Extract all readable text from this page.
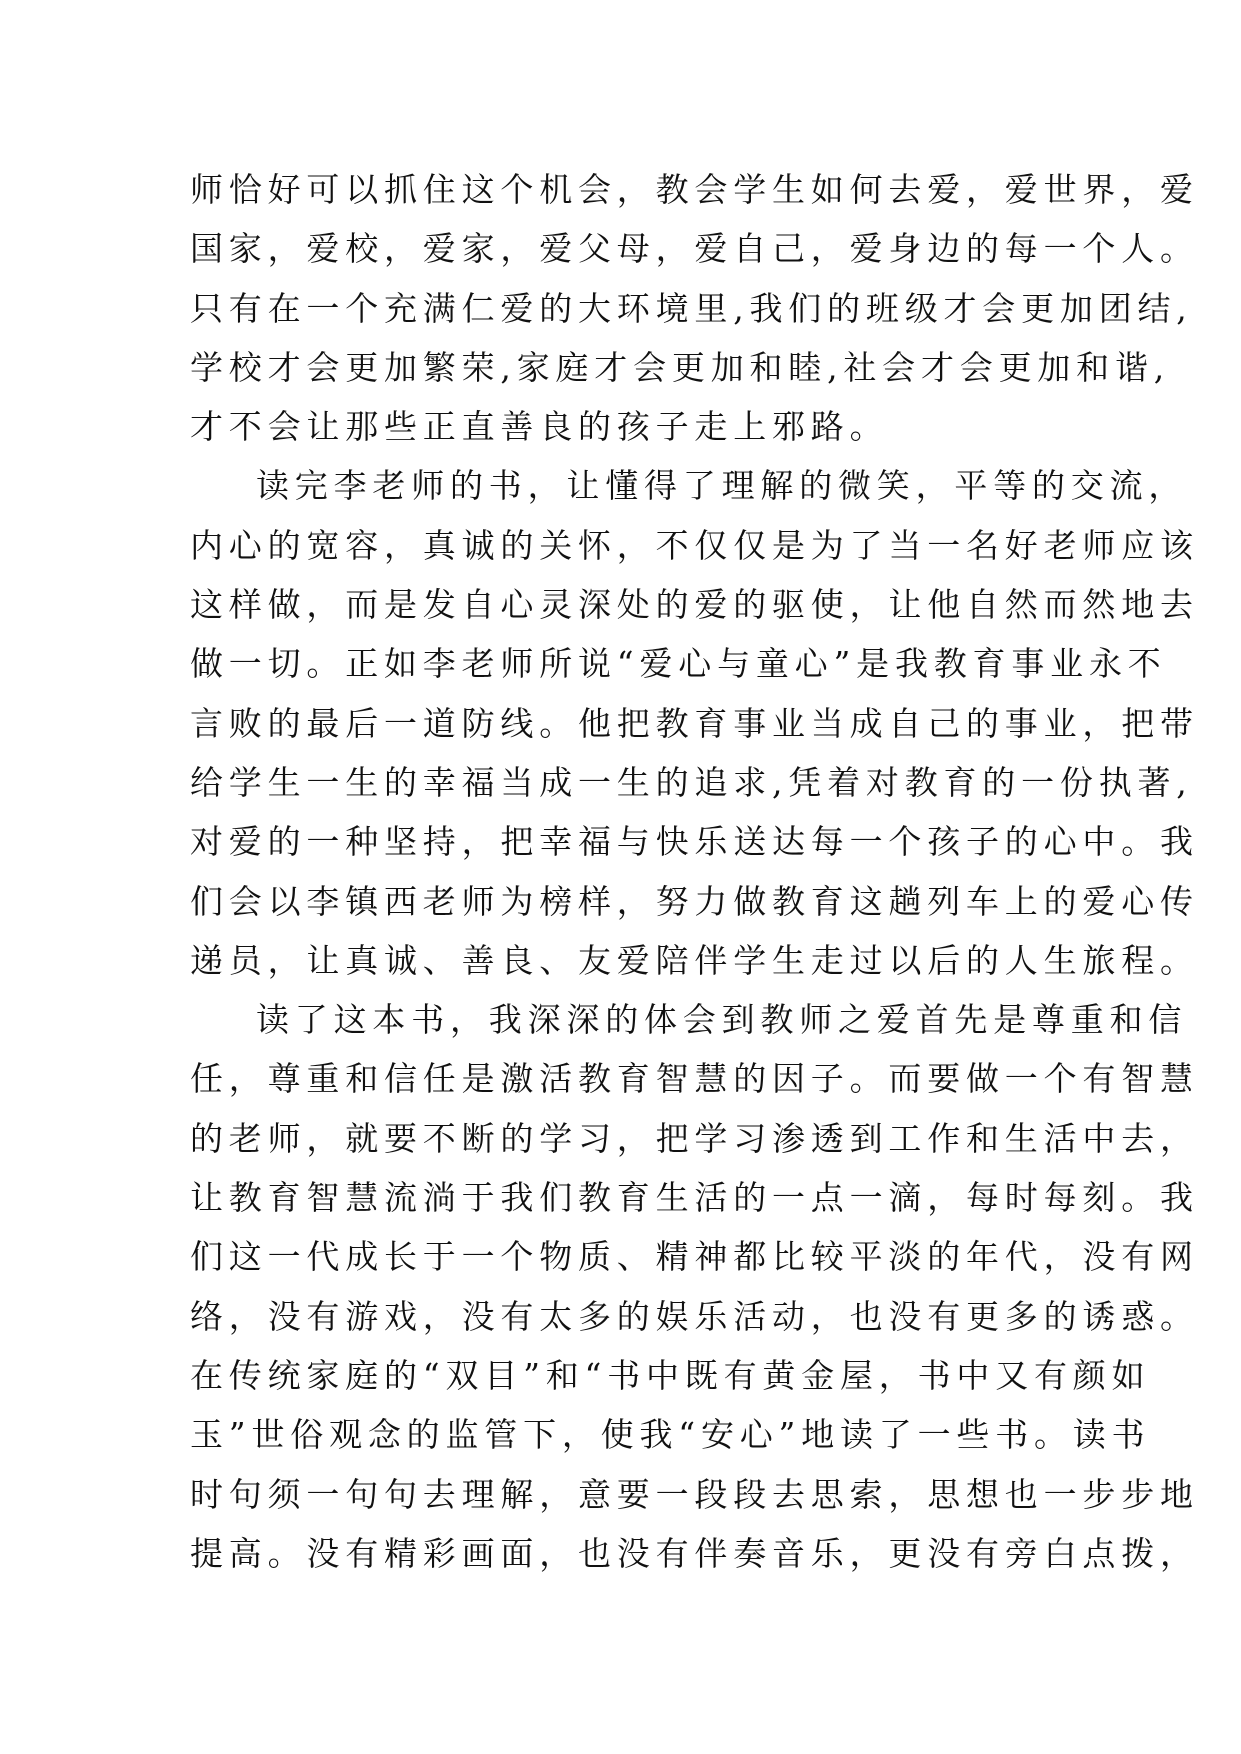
师恰好可以抓住这个机会，教会学生如何去爱，爱世界，爱
国家，爱校，爱家，爱父母，爱自己，爱身边的每一个人。
只有在一个充满仁爱的大环境里,我们的班级才会更加团结,
学校才会更加繁荣,家庭才会更加和睦,社会才会更加和谐,
才不会让那些正直善良的孩子走上邪路。
读完李老师的书，让懂得了理解的微笑，平等的交流，
内心的宽容，真诚的关怀，不仅仅是为了当一名好老师应该
这样做，而是发自心灵深处的爱的驱使，让他自然而然地去
做一切。正如李老师所说“爱心与童心”是我教育事业永不
言败的最后一道防线。他把教育事业当成自己的事业，把带
给学生一生的幸福当成一生的追求,凭着对教育的一份执著,
对爱的一种坚持，把幸福与快乐送达每一个孩子的心中。我
们会以李镇西老师为榜样，努力做教育这趟列车上的爱心传
递员，让真诚、善良、友爱陪伴学生走过以后的人生旅程。
读了这本书，我深深的体会到教师之爱首先是尊重和信
任，尊重和信任是激活教育智慧的因子。而要做一个有智慧
的老师，就要不断的学习，把学习渗透到工作和生活中去，
让教育智慧流淌于我们教育生活的一点一滴，每时每刻。我
们这一代成长于一个物质、精神都比较平淡的年代，没有网
络，没有游戏，没有太多的娱乐活动，也没有更多的诱惑。
在传统家庭的“双目”和“书中既有黄金屋，书中又有颜如
玉”世俗观念的监管下，使我“安心”地读了一些书。读书
时句须一句句去理解，意要一段段去思索，思想也一步步地
提高。没有精彩画面，也没有伴奏音乐，更没有旁白点拨，
